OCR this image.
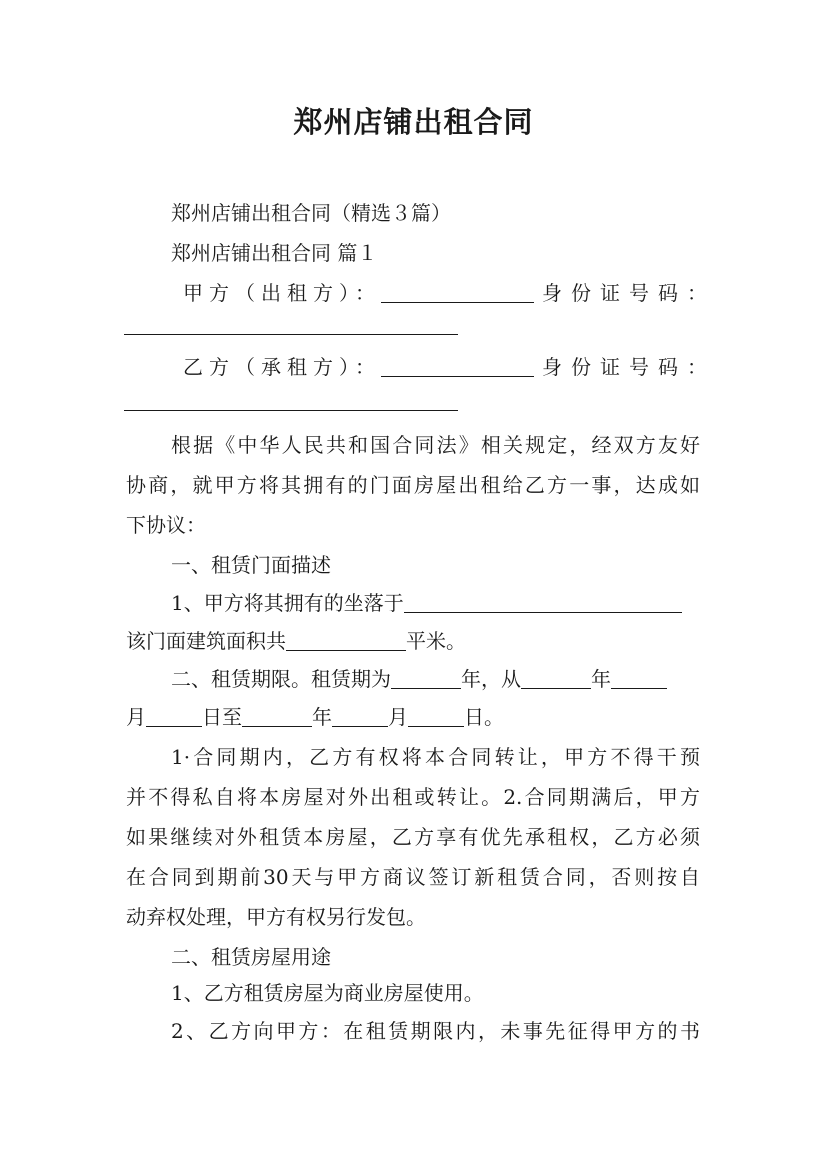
郑州店铺出租合同
郑州店铺出租合同（精选３篇）
郑州店铺出租合同 篇１
甲方（出租方）：	身份证号码：
乙方（承租方）：	身份证号码：
根据《中华人民共和国合同法》相关规定，经双方友好
协商，就甲方将其拥有的门面房屋出租给乙方一事，达成如
下协议：
一、租赁门面描述
1、甲方将其拥有的坐落于
该门面建筑面积共	平米。
二、租赁期限。租赁期为	年，从	年
月	日至	年	月	日。
1·合同期内，乙方有权将本合同转让，甲方不得干预
并不得私自将本房屋对外出租或转让。2.合同期满后，甲方
如果继续对外租赁本房屋，乙方享有优先承租权，乙方必须
在合同到期前30天与甲方商议签订新租赁合同，否则按自
动弃权处理，甲方有权另行发包。
二、租赁房屋用途
1、乙方租赁房屋为商业房屋使用。
2、乙方向甲方：在租赁期限内，未事先征得甲方的书
